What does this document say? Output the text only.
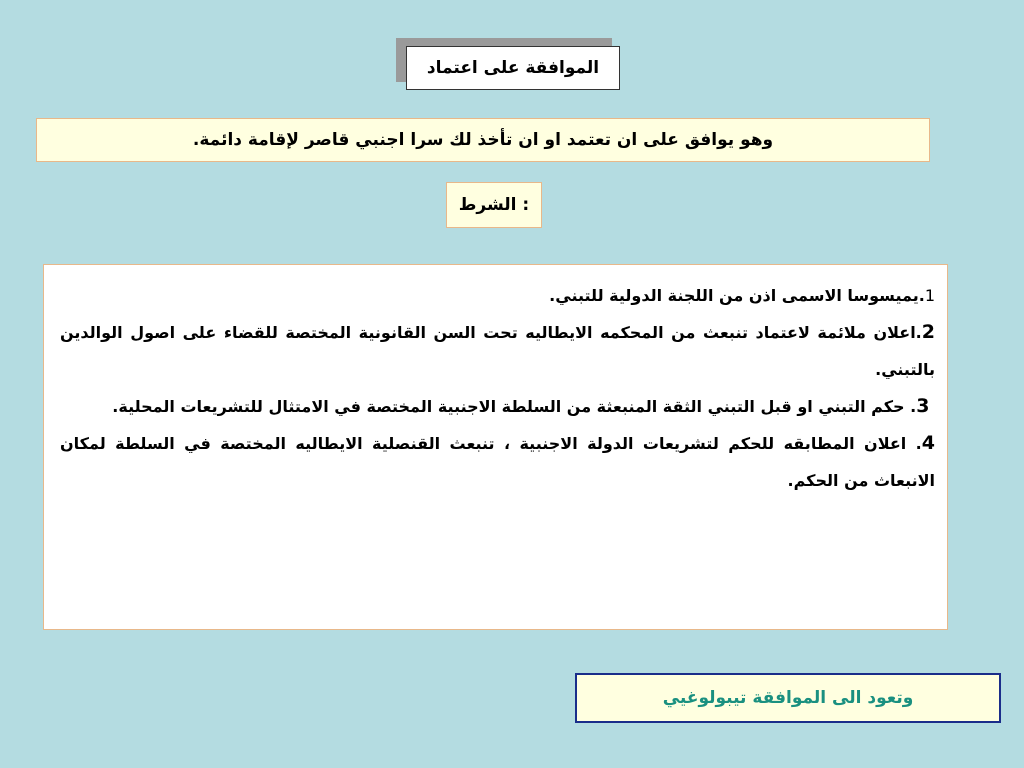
الموافقة على اعتماد
وهو يوافق على ان تعتمد او ان تأخذ لك سرا اجنبي قاصر لإقامة دائمة.
: الشرط

1.يميسوسا الاسمى اذن من اللجنة الدولية للتبني.

2.اعلان ملائمة لاعتماد تنبعث من المحكمه الايطاليه تحت السن القانونية المختصة للقضاء على اصول الوالدين بالتبني.

3. حكم التبني او قبل التبني الثقة المنبعثة من السلطة الاجنبية المختصة في الامتثال للتشريعات المحلية.

4. اعلان المطابقه للحكم لتشريعات الدولة الاجنبية ، تنبعث القنصلية الايطاليه المختصة في السلطة لمكان الانبعاث من الحكم.

وتعود الى الموافقة تيبولوغيي
